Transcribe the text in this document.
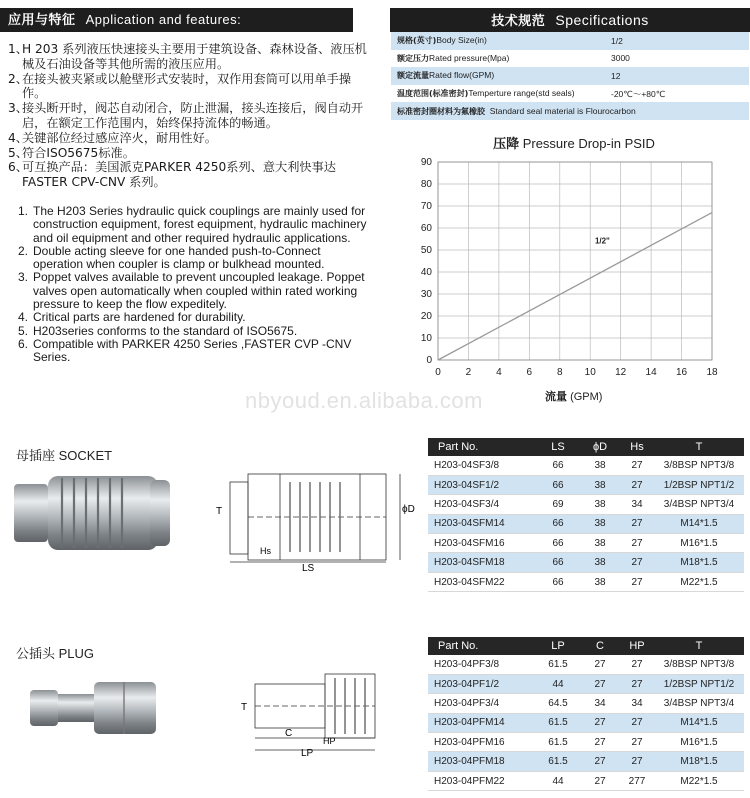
应用与特征 Application and features:	技术规范 Specifications
1、
H 203 系列液压快速接头主要用于建筑设备、森林设备、液压机械及石油设备等其他所需的液压应用。
2、
在接头被夹紧或以舱壁形式安装时，双作用套筒可以用单手操作。
3、
接头断开时，阀芯自动闭合，防止泄漏，接头连接后，阀自动开启，在额定工作范围内，始终保持流体的畅通。
4、
关键部位经过感应淬火，耐用性好。
5、
符合ISO5675标准。
6、
可互换产品：美国派克PARKER 4250系列、意大利快事达FASTER CPV-CNV 系列。
1. The H203 Series hydraulic quick couplings are mainly used for construction equipment, forest equipment, hydraulic machinery and oil equipment and other required hydraulic applications.
2. Double acting sleeve for one handed push-to-Connect operation when coupler is clamp or bulkhead mounted.
3. Poppet valves available to prevent uncoupled leakage. Poppet valves open automatically when coupled within rated working pressure to keep the flow expeditely.
4. Critical parts are hardened for durability.
5. H203series conforms to the standard of ISO5675.
6. Compatible with PARKER 4250 Series ,FASTER CVP -CNV Series.
规格(英寸)Body Size(in)	1/2
额定压力Rated pressure(Mpa)	3000
额定流量Rated flow(GPM)	12
温度范围(标准密封)Temperture range(std seals)	-20℃～+80℃
标准密封圈材料为氟橡胶 Standard seal material is Flourocarbon
压降 Pressure Drop-in PSID
0
10
20
30
40
50
60
70
80
90
0 2 4 6 8 10 12 14 16 18
1/2"
流量 (GPM)
nbyoud.en.alibaba.com
母插座 SOCKET
T
Hs
LS
ϕD
Part No.	LS	ϕD	Hs	T
H203-04SF3/8	66	38	27	3/8BSP NPT3/8
H203-04SF1/2	66	38	27	1/2BSP NPT1/2
H203-04SF3/4	69	38	34	3/4BSP NPT3/4
H203-04SFM14	66	38	27	M14*1.5
H203-04SFM16	66	38	27	M16*1.5
H203-04SFM18	66	38	27	M18*1.5
H203-04SFM22	66	38	27	M22*1.5
公插头 PLUG
T
C
HP
LP
Part No.	LP	C	HP	T
H203-04PF3/8	61.5	27	27	3/8BSP NPT3/8
H203-04PF1/2	44	27	27	1/2BSP NPT1/2
H203-04PF3/4	64.5	34	34	3/4BSP NPT3/4
H203-04PFM14	61.5	27	27	M14*1.5
H203-04PFM16	61.5	27	27	M16*1.5
H203-04PFM18	61.5	27	27	M18*1.5
H203-04PFM22	44	27	277	M22*1.5
